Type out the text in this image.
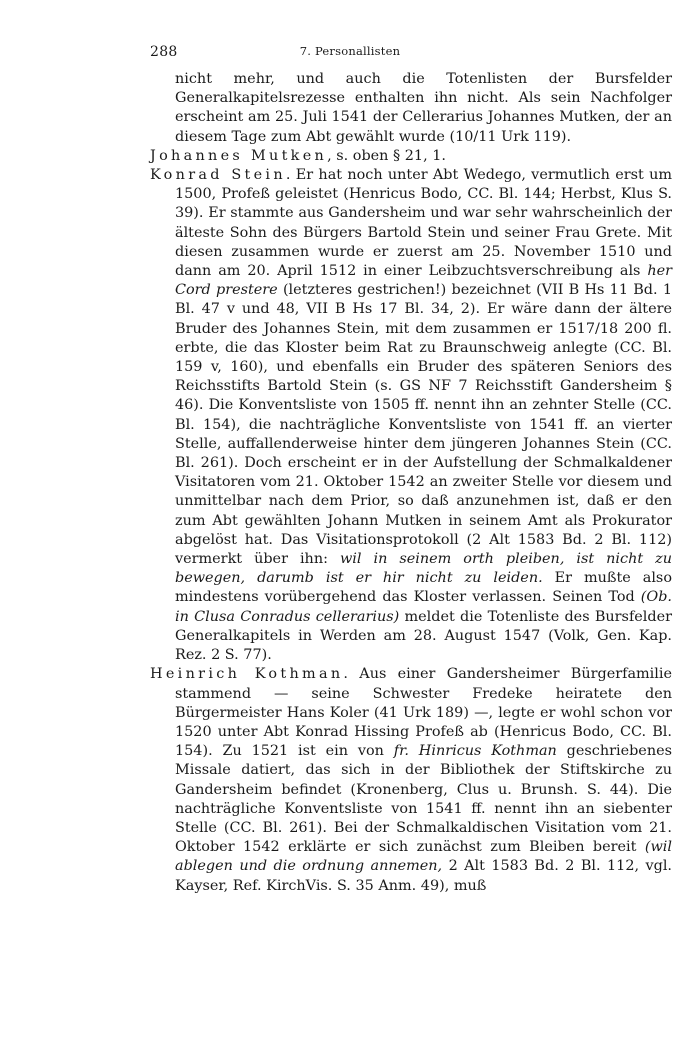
288	7. Personallisten

nicht mehr, und auch die Totenlisten der Bursfelder Generalkapitelsrezesse enthalten ihn nicht. Als sein Nachfolger erscheint am 25. Juli 1541 der Cellerarius Johannes Mutken, der an diesem Tage zum Abt gewählt wurde (10/11 Urk 119).

Johannes Mutken, s. oben § 21, 1.

Konrad Stein. Er hat noch unter Abt Wedego, vermutlich erst um 1500, Profeß geleistet (Henricus Bodo, CC. Bl. 144; Herbst, Klus S. 39). Er stammte aus Gandersheim und war sehr wahrscheinlich der älteste Sohn des Bürgers Bartold Stein und seiner Frau Grete. Mit diesen zusammen wurde er zuerst am 25. November 1510 und dann am 20. April 1512 in einer Leibzuchtsverschreibung als her Cord prestere (letzteres gestrichen!) bezeichnet (VII B Hs 11 Bd. 1 Bl. 47 v und 48, VII B Hs 17 Bl. 34, 2). Er wäre dann der ältere Bruder des Johannes Stein, mit dem zusammen er 1517/18 200 fl. erbte, die das Kloster beim Rat zu Braunschweig anlegte (CC. Bl. 159 v, 160), und ebenfalls ein Bruder des späteren Seniors des Reichsstifts Bartold Stein (s. GS NF 7 Reichsstift Gandersheim § 46). Die Konventsliste von 1505 ff. nennt ihn an zehnter Stelle (CC. Bl. 154), die nachträgliche Konventsliste von 1541 ff. an vierter Stelle, auffallenderweise hinter dem jüngeren Johannes Stein (CC. Bl. 261). Doch erscheint er in der Aufstellung der Schmalkaldener Visitatoren vom 21. Oktober 1542 an zweiter Stelle vor diesem und unmittelbar nach dem Prior, so daß anzunehmen ist, daß er den zum Abt gewählten Johann Mutken in seinem Amt als Prokurator abgelöst hat. Das Visitationsprotokoll (2 Alt 1583 Bd. 2 Bl. 112) vermerkt über ihn: wil in seinem orth pleiben, ist nicht zu bewegen, darumb ist er hir nicht zu leiden. Er mußte also mindestens vorübergehend das Kloster verlassen. Seinen Tod (Ob. in Clusa Conradus cellerarius) meldet die Totenliste des Bursfelder Generalkapitels in Werden am 28. August 1547 (Volk, Gen. Kap. Rez. 2 S. 77).

Heinrich Kothman. Aus einer Gandersheimer Bürgerfamilie stammend — seine Schwester Fredeke heiratete den Bürgermeister Hans Koler (41 Urk 189) —, legte er wohl schon vor 1520 unter Abt Konrad Hissing Profeß ab (Henricus Bodo, CC. Bl. 154). Zu 1521 ist ein von fr. Hinricus Kothman geschriebenes Missale datiert, das sich in der Bibliothek der Stiftskirche zu Gandersheim befindet (Kronenberg, Clus u. Brunsh. S. 44). Die nachträgliche Konventsliste von 1541 ff. nennt ihn an siebenter Stelle (CC. Bl. 261). Bei der Schmalkaldischen Visitation vom 21. Oktober 1542 erklärte er sich zunächst zum Bleiben bereit (wil ablegen und die ordnung annemen, 2 Alt 1583 Bd. 2 Bl. 112, vgl. Kayser, Ref. KirchVis. S. 35 Anm. 49), muß
